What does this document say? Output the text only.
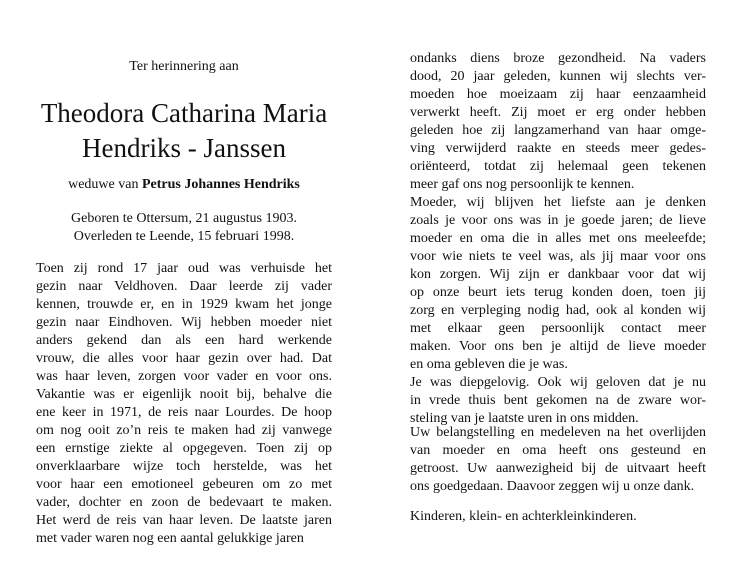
Ter herinnering aan
Theodora Catharina Maria
Hendriks - Janssen
weduwe van Petrus Johannes Hendriks
Geboren te Ottersum, 21 augustus 1903.
Overleden te Leende, 15 februari 1998.
Toen zij rond 17 jaar oud was verhuisde het
gezin naar Veldhoven. Daar leerde zij vader
kennen, trouwde er, en in 1929 kwam het jonge
gezin naar Eindhoven. Wij hebben moeder niet
anders gekend dan als een hard werkende
vrouw, die alles voor haar gezin over had. Dat
was haar leven, zorgen voor vader en voor ons.
Vakantie was er eigenlijk nooit bij, behalve die
ene keer in 1971, de reis naar Lourdes. De hoop
om nog ooit zo’n reis te maken had zij vanwege
een ernstige ziekte al opgegeven. Toen zij op
onverklaarbare wijze toch herstelde, was het
voor haar een emotioneel gebeuren om zo met
vader, dochter en zoon de bedevaart te maken.
Het werd de reis van haar leven. De laatste jaren
met vader waren nog een aantal gelukkige jaren
ondanks diens broze gezondheid. Na vaders
dood, 20 jaar geleden, kunnen wij slechts ver-
moeden hoe moeizaam zij haar eenzaamheid
verwerkt heeft. Zij moet er erg onder hebben
geleden hoe zij langzamerhand van haar omge-
ving verwijderd raakte en steeds meer gedes-
oriënteerd, totdat zij helemaal geen tekenen
meer gaf ons nog persoonlijk te kennen.
Moeder, wij blijven het liefste aan je denken
zoals je voor ons was in je goede jaren; de lieve
moeder en oma die in alles met ons meeleefde;
voor wie niets te veel was, als jij maar voor ons
kon zorgen. Wij zijn er dankbaar voor dat wij
op onze beurt iets terug konden doen, toen jij
zorg en verpleging nodig had, ook al konden wij
met elkaar geen persoonlijk contact meer
maken. Voor ons ben je altijd de lieve moeder
en oma gebleven die je was.
Je was diepgelovig. Ook wij geloven dat je nu
in vrede thuis bent gekomen na de zware wor-
steling van je laatste uren in ons midden.
Uw belangstelling en medeleven na het overlijden
van moeder en oma heeft ons gesteund en
getroost. Uw aanwezigheid bij de uitvaart heeft
ons goedgedaan. Daavoor zeggen wij u onze dank.
Kinderen, klein- en achterkleinkinderen.
